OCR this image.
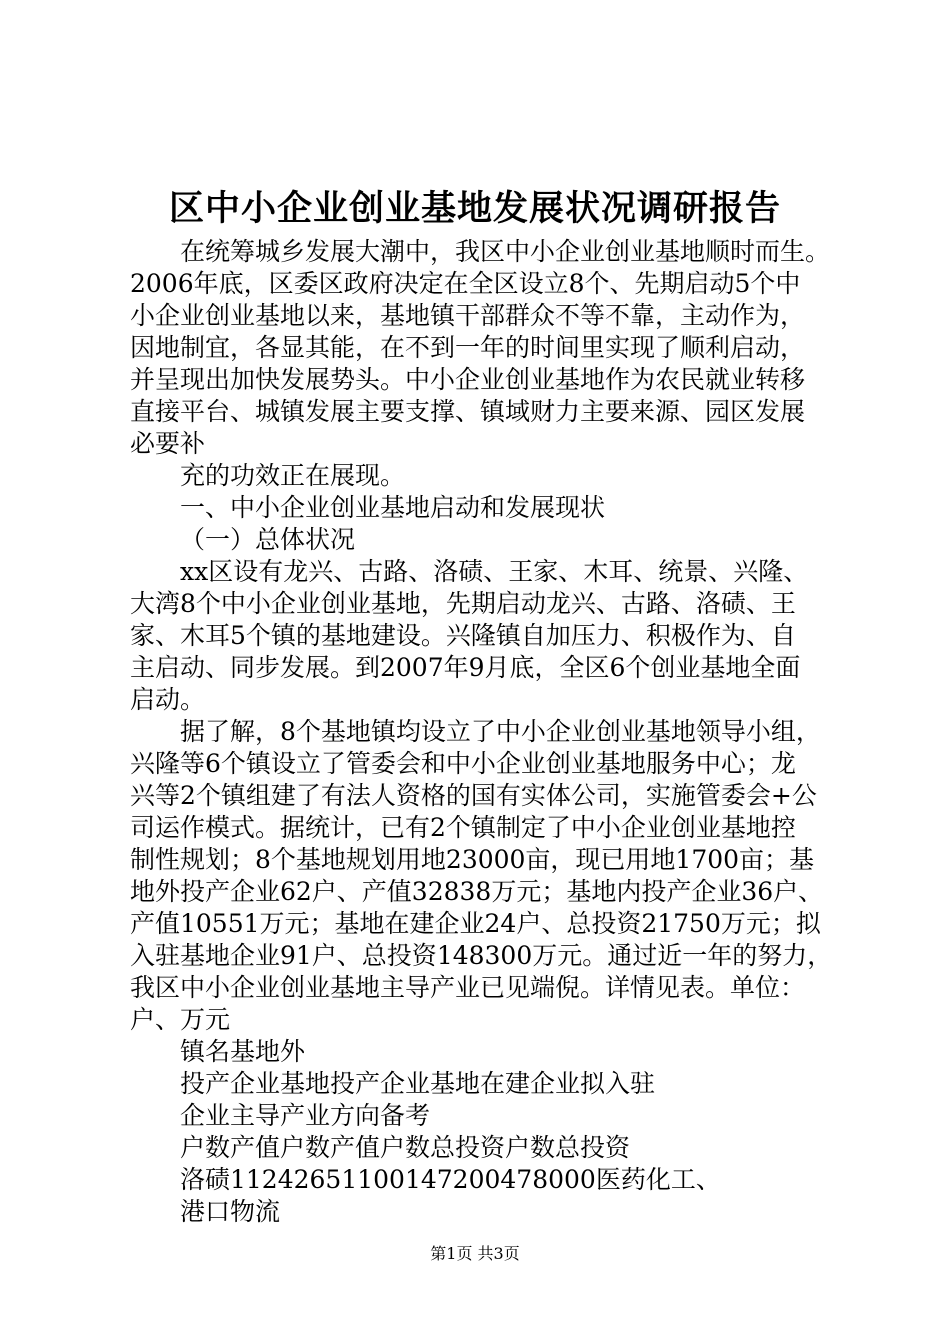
区中小企业创业基地发展状况调研报告
在统筹城乡发展大潮中，我区中小企业创业基地顺时而生。
2006年底，区委区政府决定在全区设立8个、先期启动5个中
小企业创业基地以来，基地镇干部群众不等不靠，主动作为，
因地制宜，各显其能，在不到一年的时间里实现了顺利启动，
并呈现出加快发展势头。中小企业创业基地作为农民就业转移
直接平台、城镇发展主要支撑、镇域财力主要来源、园区发展
必要补
充的功效正在展现。
一、中小企业创业基地启动和发展现状
（一）总体状况
xx区设有龙兴、古路、洛碛、王家、木耳、统景、兴隆、
大湾8个中小企业创业基地，先期启动龙兴、古路、洛碛、王
家、木耳5个镇的基地建设。兴隆镇自加压力、积极作为、自
主启动、同步发展。到2007年9月底，全区6个创业基地全面
启动。
据了解，8个基地镇均设立了中小企业创业基地领导小组，
兴隆等6个镇设立了管委会和中小企业创业基地服务中心；龙
兴等2个镇组建了有法人资格的国有实体公司，实施管委会+公
司运作模式。据统计，已有2个镇制定了中小企业创业基地控
制性规划；8个基地规划用地23000亩，现已用地1700亩；基
地外投产企业62户、产值32838万元；基地内投产企业36户、
产值10551万元；基地在建企业24户、总投资21750万元；拟
入驻基地企业91户、总投资148300万元。通过近一年的努力，
我区中小企业创业基地主导产业已见端倪。详情见表。单位：
户、万元
镇名基地外
投产企业基地投产企业基地在建企业拟入驻
企业主导产业方向备考
户数产值户数产值户数总投资户数总投资
洛碛11242651100147200478000医药化工、
港口物流
第1页 共3页
